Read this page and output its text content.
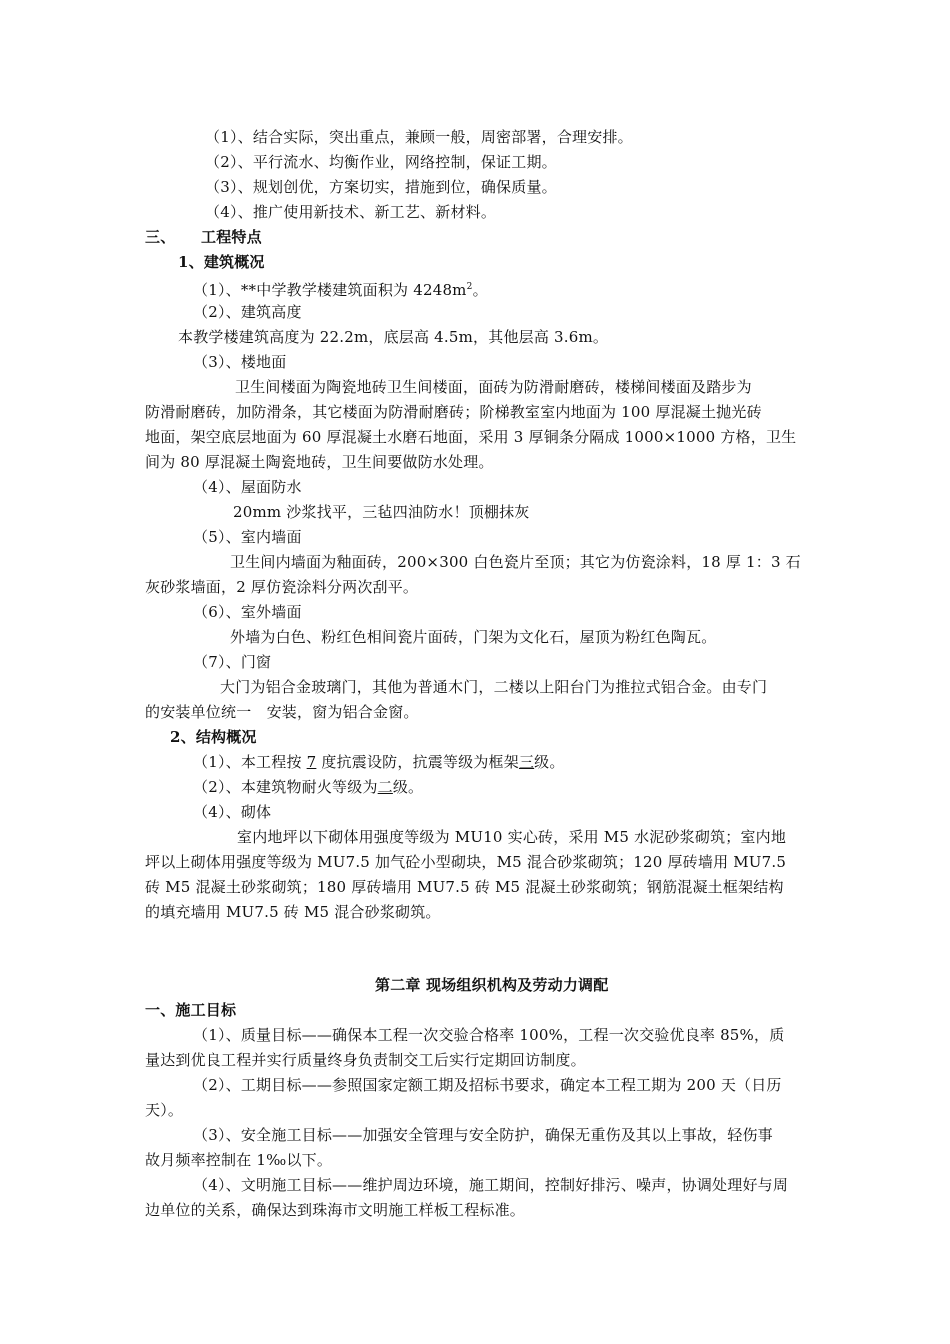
（1）、结合实际，突出重点，兼顾一般，周密部署，合理安排。
（2）、平行流水、均衡作业，网络控制，保证工期。
（3）、规划创优，方案切实，措施到位，确保质量。
（4）、推广使用新技术、新工艺、新材料。
三、 工程特点
1、建筑概况
（1）、**中学教学楼建筑面积为 $4248m^2$。
（2）、建筑高度
本教学楼建筑高度为 22.2m，底层高 4.5m，其他层高 3.6m。
（3）、楼地面
卫生间楼面为陶瓷地砖卫生间楼面，面砖为防滑耐磨砖，楼梯间楼面及踏步为
防滑耐磨砖，加防滑条，其它楼面为防滑耐磨砖；阶梯教室室内地面为 100 厚混凝土抛光砖
地面，架空底层地面为 60 厚混凝土水磨石地面，采用 3 厚铜条分隔成 1000×1000 方格，卫生
间为 80 厚混凝土陶瓷地砖，卫生间要做防水处理。
（4）、屋面防水
20mm 沙浆找平，三毡四油防水！顶棚抹灰
（5）、室内墙面
卫生间内墙面为釉面砖，200×300 白色瓷片至顶；其它为仿瓷涂料，18 厚 1：3 石
灰砂浆墙面，2 厚仿瓷涂料分两次刮平。
（6）、室外墙面
外墙为白色、粉红色相间瓷片面砖，门架为文化石，屋顶为粉红色陶瓦。
（7）、门窗
大门为铝合金玻璃门，其他为普通木门，二楼以上阳台门为推拉式铝合金。由专门
的安装单位统一　安装，窗为铝合金窗。
2、结构概况
（1）、本工程按 7 度抗震设防，抗震等级为框架三级。
（2）、本建筑物耐火等级为二级。
（4）、砌体
室内地坪以下砌体用强度等级为 MU10 实心砖，采用 M5 水泥砂浆砌筑；室内地
坪以上砌体用强度等级为 MU7.5 加气砼小型砌块，M5 混合砂浆砌筑；120 厚砖墙用 MU7.5
砖 M5 混凝土砂浆砌筑；180 厚砖墙用 MU7.5 砖 M5 混凝土砂浆砌筑；钢筋混凝土框架结构
的填充墙用 MU7.5 砖 M5 混合砂浆砌筑。
第二章 现场组织机构及劳动力调配
一、施工目标
（1）、质量目标——确保本工程一次交验合格率 100%，工程一次交验优良率 85%，质
量达到优良工程并实行质量终身负责制交工后实行定期回访制度。
（2）、工期目标——参照国家定额工期及招标书要求，确定本工程工期为 200 天（日历
天）。
（3）、安全施工目标——加强安全管理与安全防护，确保无重伤及其以上事故，轻伤事
故月频率控制在 1‰以下。
（4）、文明施工目标——维护周边环境，施工期间，控制好排污、噪声，协调处理好与周
边单位的关系，确保达到珠海市文明施工样板工程标准。
